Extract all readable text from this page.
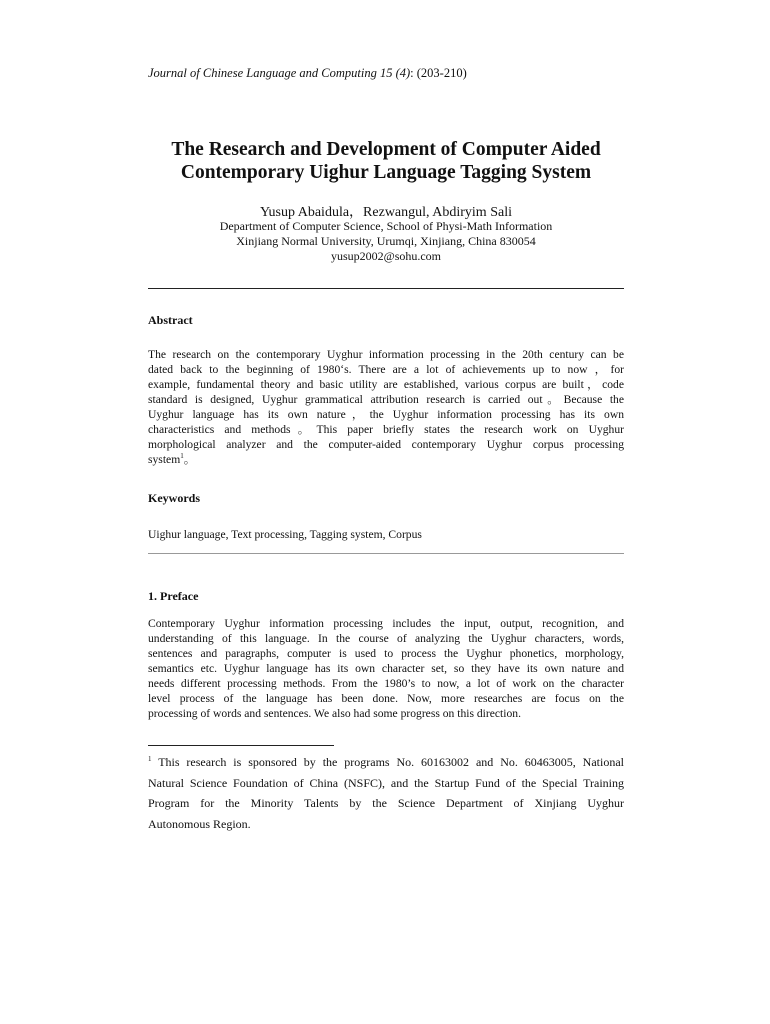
Journal of Chinese Language and Computing 15 (4): (203-210)
The Research and Development of Computer Aided
Contemporary Uighur Language Tagging System
Yusup Abaidula，Rezwangul, Abdiryim Sali
Department of Computer Science, School of Physi-Math Information
Xinjiang Normal University, Urumqi, Xinjiang, China 830054
yusup2002@sohu.com
Abstract
The research on the contemporary Uyghur information processing in the 20th century can be
dated back to the beginning of 1980‘s. There are a lot of achievements up to now ，for
example, fundamental theory and basic utility are established, various corpus are built，code
standard is designed, Uyghur grammatical attribution research is carried out。Because the
Uyghur language has its own nature，the Uyghur information processing has its own
characteristics and methods。This paper briefly states the research work on Uyghur
morphological analyzer and the computer-aided contemporary Uyghur corpus processing
system$^1$。
Keywords
Uighur language, Text processing, Tagging system, Corpus
1. Preface
Contemporary Uyghur information processing includes the input, output, recognition, and
understanding of this language. In the course of analyzing the Uyghur characters, words,
sentences and paragraphs, computer is used to process the Uyghur phonetics, morphology,
semantics etc. Uyghur language has its own character set, so they have its own nature and
needs different processing methods. From the 1980’s to now, a lot of work on the character
level process of the language has been done. Now, more researches are focus on the
processing of words and sentences. We also had some progress on this direction.
$^1$ This research is sponsored by the programs No. 60163002 and No. 60463005, National
Natural Science Foundation of China (NSFC), and the Startup Fund of the Special Training
Program for the Minority Talents by the Science Department of Xinjiang Uyghur
Autonomous Region.
